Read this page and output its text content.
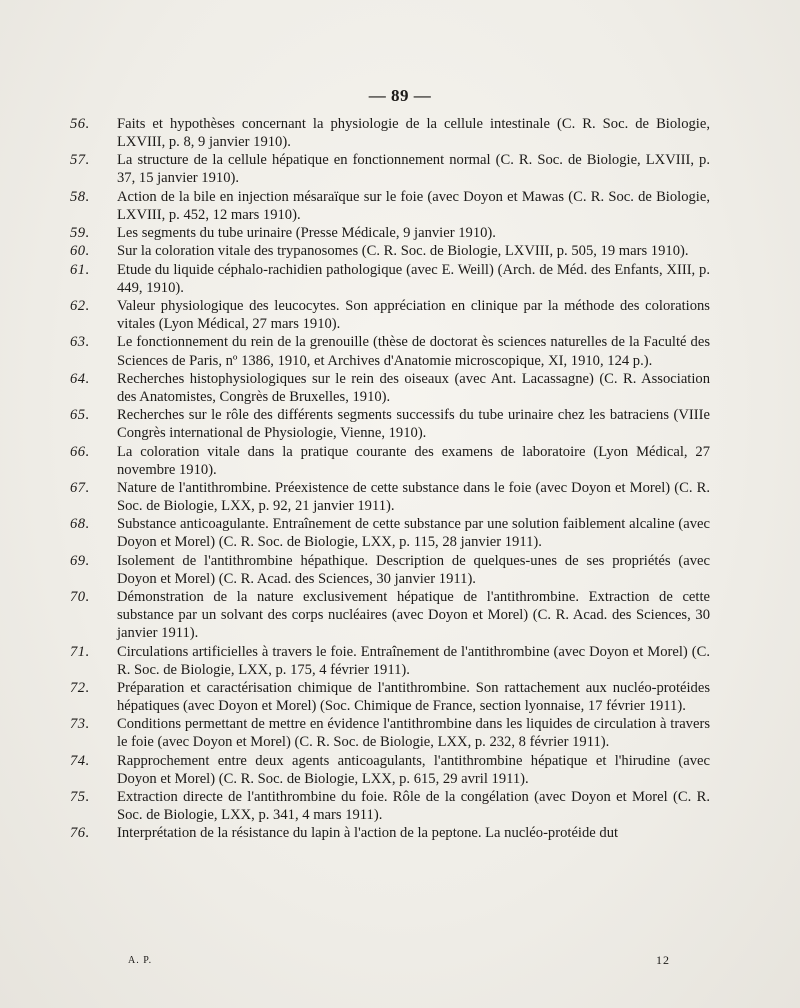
— 89 —
56. Faits et hypothèses concernant la physiologie de la cellule intestinale (C. R. Soc. de Biologie, LXVIII, p. 8, 9 janvier 1910).
57. La structure de la cellule hépatique en fonctionnement normal (C. R. Soc. de Biologie, LXVIII, p. 37, 15 janvier 1910).
58. Action de la bile en injection mésaraïque sur le foie (avec Doyon et Mawas (C. R. Soc. de Biologie, LXVIII, p. 452, 12 mars 1910).
59. Les segments du tube urinaire (Presse Médicale, 9 janvier 1910).
60. Sur la coloration vitale des trypanosomes (C. R. Soc. de Biologie, LXVIII, p. 505, 19 mars 1910).
61. Etude du liquide céphalo-rachidien pathologique (avec E. Weill) (Arch. de Méd. des Enfants, XIII, p. 449, 1910).
62. Valeur physiologique des leucocytes. Son appréciation en clinique par la méthode des colorations vitales (Lyon Médical, 27 mars 1910).
63. Le fonctionnement du rein de la grenouille (thèse de doctorat ès sciences naturelles de la Faculté des Sciences de Paris, nº 1386, 1910, et Archives d'Anatomie microscopique, XI, 1910, 124 p.).
64. Recherches histophysiologiques sur le rein des oiseaux (avec Ant. Lacassagne) (C. R. Association des Anatomistes, Congrès de Bruxelles, 1910).
65. Recherches sur le rôle des différents segments successifs du tube urinaire chez les batraciens (VIIIe Congrès international de Physiologie, Vienne, 1910).
66. La coloration vitale dans la pratique courante des examens de laboratoire (Lyon Médical, 27 novembre 1910).
67. Nature de l'antithrombine. Préexistence de cette substance dans le foie (avec Doyon et Morel) (C. R. Soc. de Biologie, LXX, p. 92, 21 janvier 1911).
68. Substance anticoagulante. Entraînement de cette substance par une solution faiblement alcaline (avec Doyon et Morel) (C. R. Soc. de Biologie, LXX, p. 115, 28 janvier 1911).
69. Isolement de l'antithrombine hépathique. Description de quelques-unes de ses propriétés (avec Doyon et Morel) (C. R. Acad. des Sciences, 30 janvier 1911).
70. Démonstration de la nature exclusivement hépatique de l'antithrombine. Extraction de cette substance par un solvant des corps nucléaires (avec Doyon et Morel) (C. R. Acad. des Sciences, 30 janvier 1911).
71. Circulations artificielles à travers le foie. Entraînement de l'antithrombine (avec Doyon et Morel) (C. R. Soc. de Biologie, LXX, p. 175, 4 février 1911).
72. Préparation et caractérisation chimique de l'antithrombine. Son rattachement aux nucléo-protéides hépatiques (avec Doyon et Morel) (Soc. Chimique de France, section lyonnaise, 17 février 1911).
73. Conditions permettant de mettre en évidence l'antithrombine dans les liquides de circulation à travers le foie (avec Doyon et Morel) (C. R. Soc. de Biologie, LXX, p. 232, 8 février 1911).
74. Rapprochement entre deux agents anticoagulants, l'antithrombine hépatique et l'hirudine (avec Doyon et Morel) (C. R. Soc. de Biologie, LXX, p. 615, 29 avril 1911).
75. Extraction directe de l'antithrombine du foie. Rôle de la congélation (avec Doyon et Morel (C. R. Soc. de Biologie, LXX, p. 341, 4 mars 1911).
76. Interprétation de la résistance du lapin à l'action de la peptone. La nucléo-protéide dut
A. P.	12
